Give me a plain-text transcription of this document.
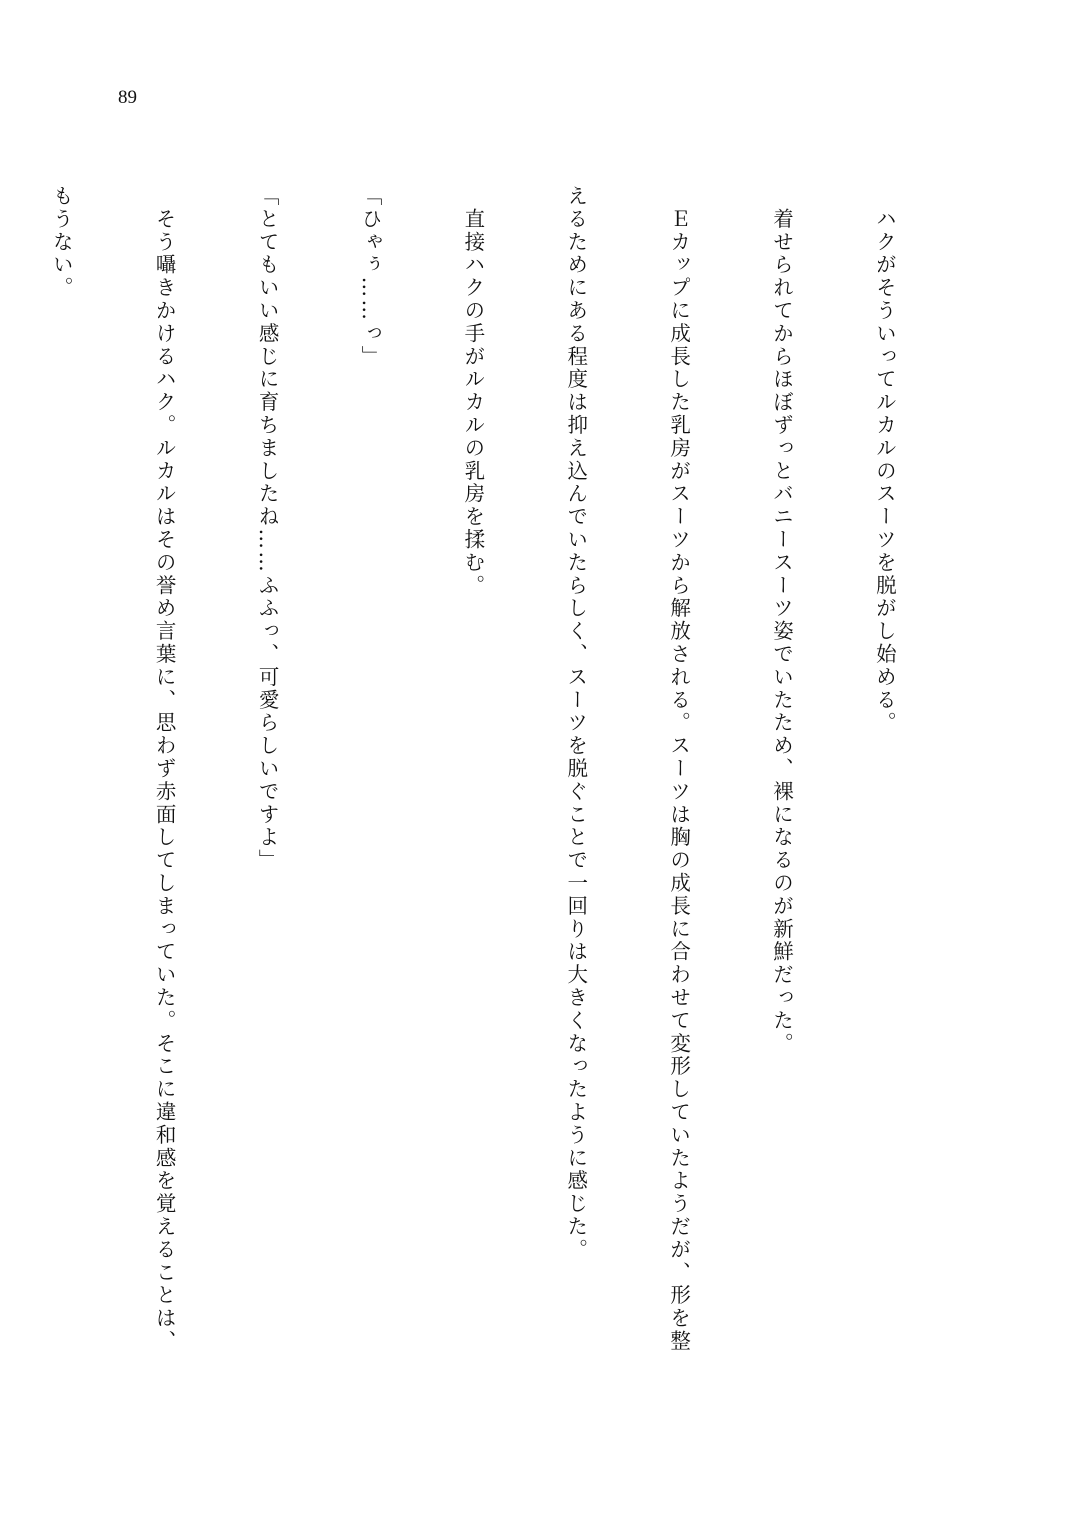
89

　ハクがそういってルカルのスーツを脱がし始める。

　着せられてからほぼずっとバニースーツ姿でいたため、裸になるのが新鮮だった。

　Ｅカップに成長した乳房がスーツから解放される。スーツは胸の成長に合わせて変形していたようだが、形を整

えるためにある程度は抑え込んでいたらしく、スーツを脱ぐことで一回りは大きくなったように感じた。

　直接ハクの手がルカルの乳房を揉む。

「ひゃぅ……っ」

「とてもいい感じに育ちましたね……ふふっ、可愛らしいですよ」

　そう囁きかけるハク。ルカルはその誉め言葉に、思わず赤面してしまっていた。そこに違和感を覚えることは、

もうない。
